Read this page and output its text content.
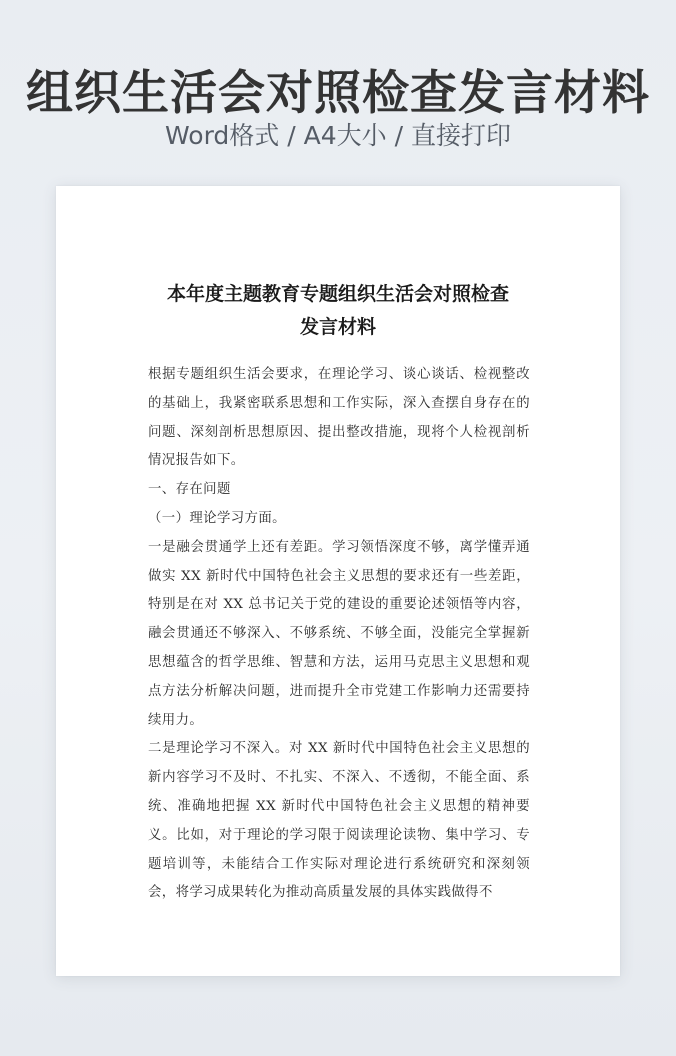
组织生活会对照检查发言材料
Word格式 / A4大小 / 直接打印
本年度主题教育专题组织生活会对照检查
发言材料

根据专题组织生活会要求，在理论学习、谈心谈话、检视整改的基础上，我紧密联系思想和工作实际，深入查摆自身存在的问题、深刻剖析思想原因、提出整改措施，现将个人检视剖析情况报告如下。

一、存在问题

（一）理论学习方面。

一是融会贯通学上还有差距。学习领悟深度不够，离学懂弄通做实 XX 新时代中国特色社会主义思想的要求还有一些差距，特别是在对 XX 总书记关于党的建设的重要论述领悟等内容，融会贯通还不够深入、不够系统、不够全面，没能完全掌握新思想蕴含的哲学思维、智慧和方法，运用马克思主义思想和观点方法分析解决问题，进而提升全市党建工作影响力还需要持续用力。

二是理论学习不深入。对 XX 新时代中国特色社会主义思想的新内容学习不及时、不扎实、不深入、不透彻，不能全面、系统、准确地把握 XX 新时代中国特色社会主义思想的精神要义。比如，对于理论的学习限于阅读理论读物、集中学习、专题培训等，未能结合工作实际对理论进行系统研究和深刻领会，将学习成果转化为推动高质量发展的具体实践做得不
